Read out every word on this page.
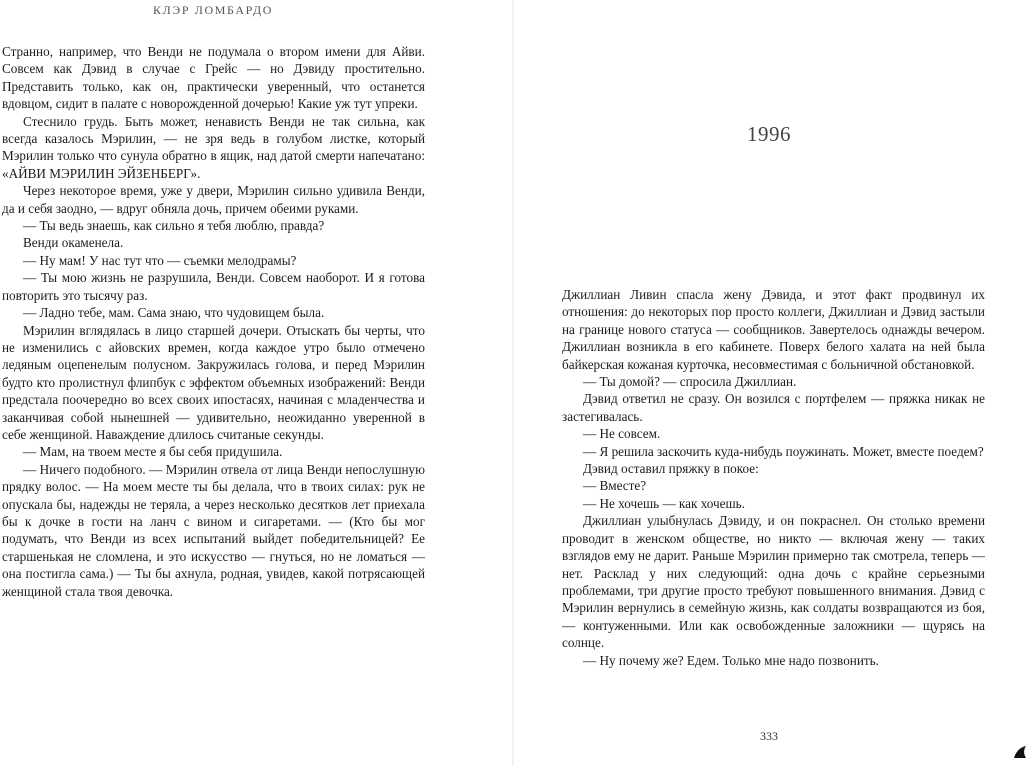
КЛЭР ЛОМБАРДО

Странно, например, что Венди не подумала о втором имени для Айви. Совсем как Дэвид в случае с Грейс — но Дэвиду простительно. Представить только, как он, практически уверенный, что останется вдовцом, сидит в палате с новорожденной дочерью! Какие уж тут упреки.

Стеснило грудь. Быть может, ненависть Венди не так сильна, как всегда казалось Мэрилин, — не зря ведь в голубом листке, который Мэрилин только что сунула обратно в ящик, над датой смерти напечатано: «АЙВИ МЭРИЛИН ЭЙЗЕНБЕРГ».

Через некоторое время, уже у двери, Мэрилин сильно удивила Венди, да и себя заодно, — вдруг обняла дочь, причем обеими руками.

— Ты ведь знаешь, как сильно я тебя люблю, правда?

Венди окаменела.

— Ну мам! У нас тут что — съемки мелодрамы?

— Ты мою жизнь не разрушила, Венди. Совсем наоборот. И я готова повторить это тысячу раз.

— Ладно тебе, мам. Сама знаю, что чудовищем была.

Мэрилин вглядялась в лицо старшей дочери. Отыскать бы черты, что не изменились с айовских времен, когда каждое утро было отмечено ледяным оцепенелым полусном. Закружилась голова, и перед Мэрилин будто кто пролистнул флипбук с эффектом объемных изображений: Венди предстала поочередно во всех своих ипостасях, начиная с младенчества и заканчивая собой нынешней — удивительно, неожиданно уверенной в себе женщиной. Наваждение длилось считаные секунды.

— Мам, на твоем месте я бы себя придушила.

— Ничего подобного. — Мэрилин отвела от лица Венди непослушную прядку волос. — На моем месте ты бы делала, что в твоих силах: рук не опускала бы, надежды не теряла, а через несколько десятков лет приехала бы к дочке в гости на ланч с вином и сигаретами. — (Кто бы мог подумать, что Венди из всех испытаний выйдет победительницей? Ее старшенькая не сломлена, и это искусство — гнуться, но не ломаться — она постигла сама.) — Ты бы ахнула, родная, увидев, какой потрясающей женщиной стала твоя девочка.

1996

Джиллиан Ливин спасла жену Дэвида, и этот факт продвинул их отношения: до некоторых пор просто коллеги, Джиллиан и Дэвид застыли на границе нового статуса — сообщников. Завертелось однажды вечером. Джиллиан возникла в его кабинете. Поверх белого халата на ней была байкерская кожаная курточка, несовместимая с больничной обстановкой.

— Ты домой? — спросила Джиллиан.

Дэвид ответил не сразу. Он возился с портфелем — пряжка никак не застегивалась.

— Не совсем.

— Я решила заскочить куда-нибудь поужинать. Может, вместе поедем?

Дэвид оставил пряжку в покое:

— Вместе?

— Не хочешь — как хочешь.

Джиллиан улыбнулась Дэвиду, и он покраснел. Он столько времени проводит в женском обществе, но никто — включая жену — таких взглядов ему не дарит. Раньше Мэрилин примерно так смотрела, теперь — нет. Расклад у них следующий: одна дочь с крайне серьезными проблемами, три другие просто требуют повышенного внимания. Дэвид с Мэрилин вернулись в семейную жизнь, как солдаты возвращаются из боя, — контуженными. Или как освобожденные заложники — щурясь на солнце.

— Ну почему же? Едем. Только мне надо позвонить.

333
